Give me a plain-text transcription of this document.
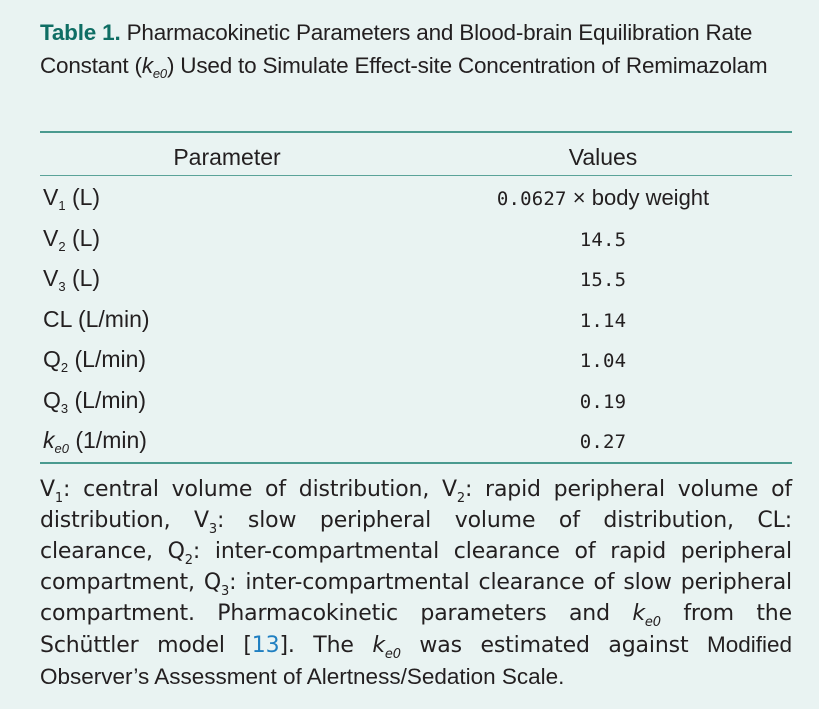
Table 1. Pharmacokinetic Parameters and Blood-brain Equilibration Rate Constant $(k_{e0})$ Used to Simulate Effect-site Concentration of Remimazolam
Parameter	Values
$V_1$ (L)	0.0627 × body weight
$V_2$ (L)	14.5
$V_3$ (L)	15.5
CL (L/min)	1.14
$Q_2$ (L/min)	1.04
$Q_3$ (L/min)	0.19
$k_{e0}$ (1/min)	0.27
$V_1$: central volume of distribution, $V_2$: rapid peripheral volume of distribution, $V_3$: slow peripheral volume of distribution, CL: clearance, $Q_2$: inter-compartmental clearance of rapid peripheral compartment, $Q_3$: inter-compartmental clearance of slow peripheral compartment. Pharmacokinetic parameters and $k_{e0}$ from the Schüttler model [13]. The $k_{e0}$ was estimated against Modified Observer’s Assessment of Alertness/Sedation Scale.
